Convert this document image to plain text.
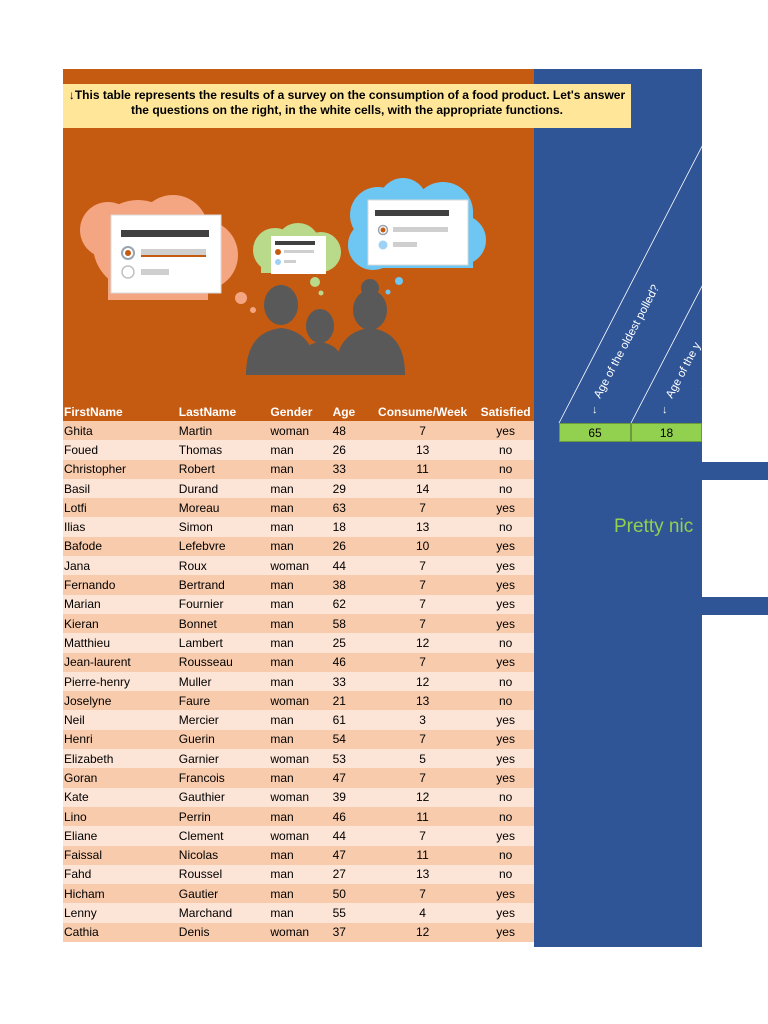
↓This table represents the results of a survey on the consumption of a food product. Let's answer
the questions on the right, in the white cells, with the appropriate functions.
FirstName	LastName	Gender	Age	Consume/Week	Satisfied
Ghita	Martin	woman	48	7	yes
Foued	Thomas	man	26	13	no
Christopher	Robert	man	33	11	no
Basil	Durand	man	29	14	no
Lotfi	Moreau	man	63	7	yes
Ilias	Simon	man	18	13	no
Bafode	Lefebvre	man	26	10	yes
Jana	Roux	woman	44	7	yes
Fernando	Bertrand	man	38	7	yes
Marian	Fournier	man	62	7	yes
Kieran	Bonnet	man	58	7	yes
Matthieu	Lambert	man	25	12	no
Jean-laurent	Rousseau	man	46	7	yes
Pierre-henry	Muller	man	33	12	no
Joselyne	Faure	woman	21	13	no
Neil	Mercier	man	61	3	yes
Henri	Guerin	man	54	7	yes
Elizabeth	Garnier	woman	53	5	yes
Goran	Francois	man	47	7	yes
Kate	Gauthier	woman	39	12	no
Lino	Perrin	man	46	11	no
Eliane	Clement	woman	44	7	yes
Faissal	Nicolas	man	47	11	no
Fahd	Roussel	man	27	13	no
Hicham	Gautier	man	50	7	yes
Lenny	Marchand	man	55	4	yes
Cathia	Denis	woman	37	12	yes
Age of the oldest polled? Age of the y
↓	↓
65	18
Pretty nic
